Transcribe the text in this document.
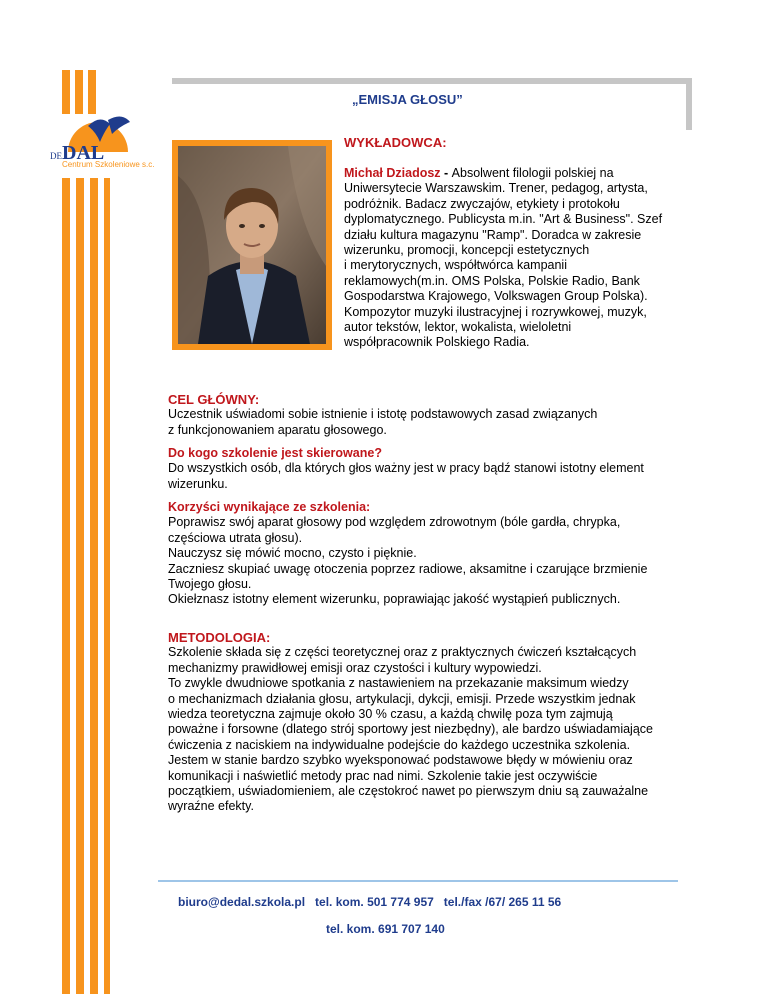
„EMISJA GŁOSU”
DE DAL
Centrum Szkoleniowe s.c.
WYKŁADOWCA:
Michał Dziadosz - Absolwent filologii polskiej na
Uniwersytecie Warszawskim. Trener, pedagog, artysta,
podróżnik. Badacz zwyczajów, etykiety i protokołu
dyplomatycznego. Publicysta m.in. "Art & Business". Szef
działu kultura magazynu "Ramp". Doradca w zakresie
wizerunku, promocji, koncepcji estetycznych
i merytorycznych, współtwórca kampanii
reklamowych(m.in. OMS Polska, Polskie Radio, Bank
Gospodarstwa Krajowego, Volkswagen Group Polska).
Kompozytor muzyki ilustracyjnej i rozrywkowej, muzyk,
autor tekstów, lektor, wokalista, wieloletni
współpracownik Polskiego Radia.
CEL GŁÓWNY:
Uczestnik uświadomi sobie istnienie i istotę podstawowych zasad związanych
z funkcjonowaniem aparatu głosowego.
Do kogo szkolenie jest skierowane?
Do wszystkich osób, dla których głos ważny jest w pracy bądź stanowi istotny element
wizerunku.
Korzyści wynikające ze szkolenia:
Poprawisz swój aparat głosowy pod względem zdrowotnym (bóle gardła, chrypka,
częściowa utrata głosu).
Nauczysz się mówić mocno, czysto i pięknie.
Zaczniesz skupiać uwagę otoczenia poprzez radiowe, aksamitne i czarujące brzmienie
Twojego głosu.
Okiełznasz istotny element wizerunku, poprawiając jakość wystąpień publicznych.
METODOLOGIA:
Szkolenie składa się z części teoretycznej oraz z praktycznych ćwiczeń kształcących
mechanizmy prawidłowej emisji oraz czystości i kultury wypowiedzi.
To zwykle dwudniowe spotkania z nastawieniem na przekazanie maksimum wiedzy
o mechanizmach działania głosu, artykulacji, dykcji, emisji. Przede wszystkim jednak
wiedza teoretyczna zajmuje około 30 % czasu, a każdą chwilę poza tym zajmują
poważne i forsowne (dlatego strój sportowy jest niezbędny), ale bardzo uświadamiające
ćwiczenia z naciskiem na indywidualne podejście do każdego uczestnika szkolenia.
Jestem w stanie bardzo szybko wyeksponować podstawowe błędy w mówieniu oraz
komunikacji i naświetlić metody prac nad nimi. Szkolenie takie jest oczywiście
początkiem, uświadomieniem, ale częstokroć nawet po pierwszym dniu są zauważalne
wyraźne efekty.
biuro@dedal.szkola.pl   tel. kom. 501 774 957   tel./fax /67/ 265 11 56
tel. kom. 691 707 140
